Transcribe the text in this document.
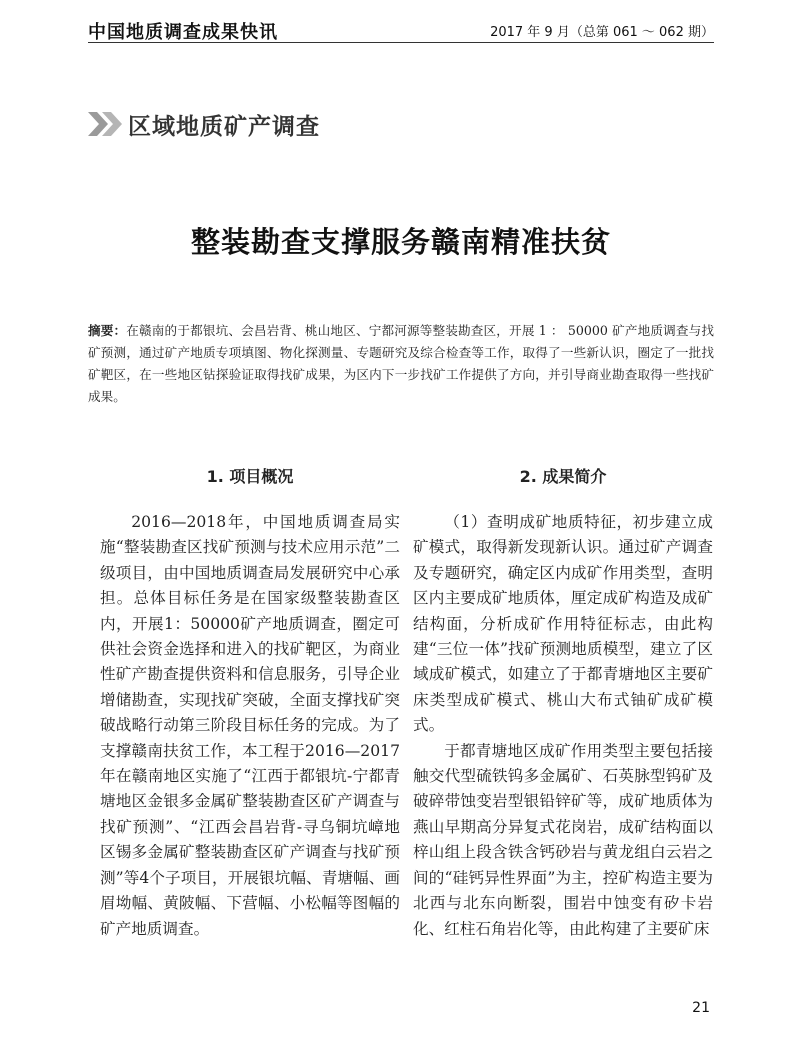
中国地质调查成果快讯	2017 年 9 月（总第 061 ～ 062 期）
区域地质矿产调查
整装勘查支撑服务赣南精准扶贫
摘要：在赣南的于都银坑、会昌岩背、桃山地区、宁都河源等整装勘查区，开展 1 ： 50000 矿产地质调查与找矿预测，通过矿产地质专项填图、物化探测量、专题研究及综合检查等工作，取得了一些新认识，圈定了一批找矿靶区，在一些地区钻探验证取得找矿成果，为区内下一步找矿工作提供了方向，并引导商业勘查取得一些找矿成果。
1. 项目概况

2016—2018年，中国地质调查局实施“整装勘查区找矿预测与技术应用示范”二级项目，由中国地质调查局发展研究中心承担。总体目标任务是在国家级整装勘查区内，开展1：50000矿产地质调查，圈定可供社会资金选择和进入的找矿靶区，为商业性矿产勘查提供资料和信息服务，引导企业增储勘查，实现找矿突破，全面支撑找矿突破战略行动第三阶段目标任务的完成。为了支撑赣南扶贫工作，本工程于2016—2017年在赣南地区实施了“江西于都银坑-宁都青塘地区金银多金属矿整装勘查区矿产调查与找矿预测”、“江西会昌岩背-寻乌铜坑嶂地区锡多金属矿整装勘查区矿产调查与找矿预测”等4个子项目，开展银坑幅、青塘幅、画眉坳幅、黄陂幅、下营幅、小松幅等图幅的矿产地质调查。

2. 成果简介

（1）查明成矿地质特征，初步建立成矿模式，取得新发现新认识。通过矿产调查及专题研究，确定区内成矿作用类型，查明区内主要成矿地质体，厘定成矿构造及成矿结构面，分析成矿作用特征标志，由此构建“三位一体”找矿预测地质模型，建立了区域成矿模式，如建立了于都青塘地区主要矿床类型成矿模式、桃山大布式铀矿成矿模式。

于都青塘地区成矿作用类型主要包括接触交代型硫铁钨多金属矿、石英脉型钨矿及破碎带蚀变岩型银铅锌矿等，成矿地质体为燕山早期高分异复式花岗岩，成矿结构面以梓山组上段含铁含钙砂岩与黄龙组白云岩之间的“硅钙异性界面”为主，控矿构造主要为北西与北东向断裂，围岩中蚀变有矽卡岩化、红柱石角岩化等，由此构建了主要矿床

21
